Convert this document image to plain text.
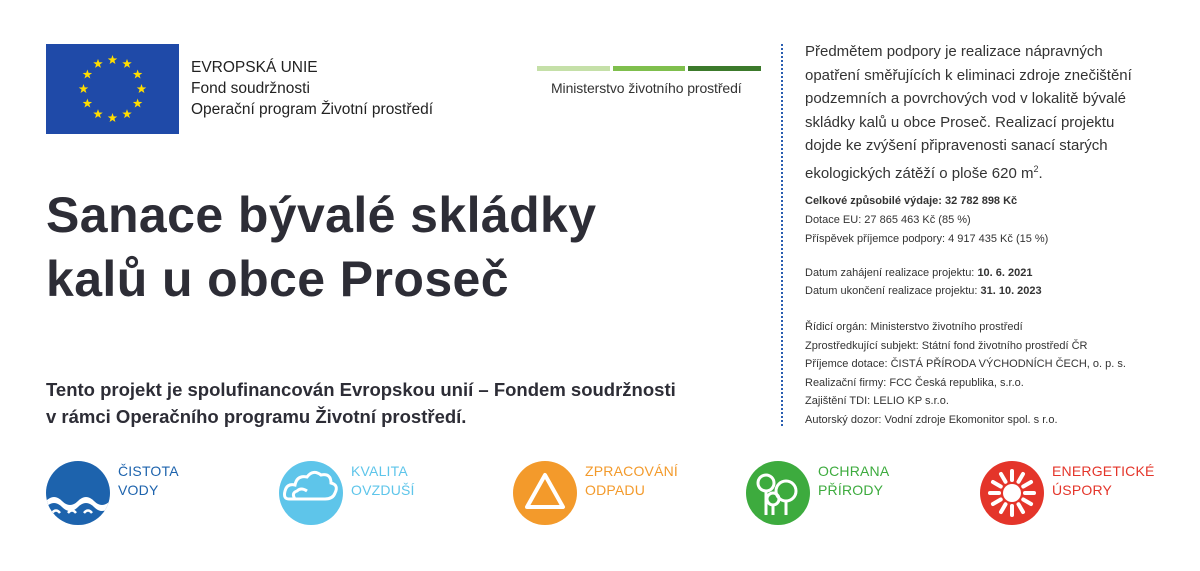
EVROPSKÁ UNIE
Fond soudržnosti
Operační program Životní prostředí
Ministerstvo životního prostředí
Sanace bývalé skládky
kalů u obce Proseč
Tento projekt je spolufinancován Evropskou unií – Fondem soudržnosti
v rámci Operačního programu Životní prostředí.
Předmětem podpory je realizace nápravných
opatření směřujících k eliminaci zdroje znečištění
podzemních a povrchových vod v lokalitě bývalé
skládky kalů u obce Proseč. Realizací projektu
dojde ke zvýšení připravenosti sanací starých
ekologických zátěží o ploše 620 $m^2$.
Celkové způsobilé výdaje: 32 782 898 Kč
Dotace EU: 27 865 463 Kč (85 %)
Příspěvek příjemce podpory: 4 917 435 Kč (15 %)
Datum zahájení realizace projektu: 10. 6. 2021
Datum ukončení realizace projektu: 31. 10. 2023
Řídicí orgán: Ministerstvo životního prostředí
Zprostředkující subjekt: Státní fond životního prostředí ČR
Příjemce dotace: ČISTÁ PŘÍRODA VÝCHODNÍCH ČECH, o. p. s.
Realizační firmy: FCC Česká republika, s.r.o.
Zajištění TDI: LELIO KP s.r.o.
Autorský dozor: Vodní zdroje Ekomonitor spol. s r.o.
ČISTOTA
VODY
KVALITA
OVZDUŠÍ
ZPRACOVÁNÍ
ODPADU
OCHRANA
PŘÍRODY
ENERGETICKÉ
ÚSPORY
